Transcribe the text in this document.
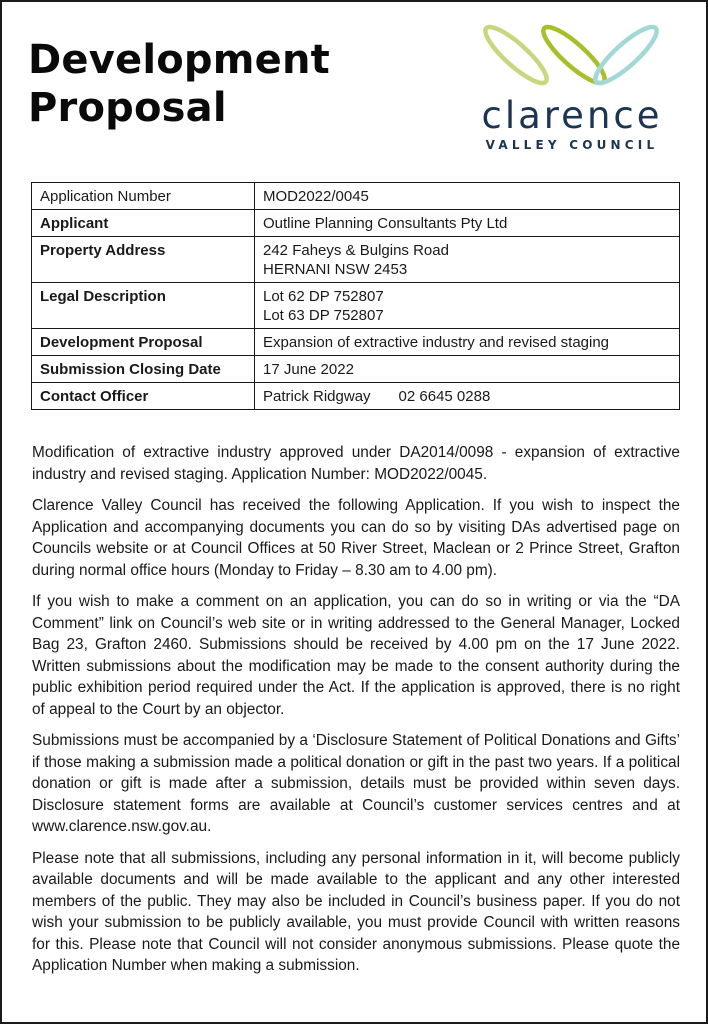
Development
Proposal	clarence
VALLEY COUNCIL
Application Number	MOD2022/0045
Applicant	Outline Planning Consultants Pty Ltd
Property Address	242 Faheys & Bulgins Road
HERNANI NSW 2453

Legal Description	Lot 62 DP 752807
Lot 63 DP 752807

Development Proposal	Expansion of extractive industry and revised staging
Submission Closing Date	17 June 2022
Contact Officer	Patrick Ridgway 02 6645 0288

Modification of extractive industry approved under DA2014/0098 - expansion of extractive industry and revised staging. Application Number: MOD2022/0045.

Clarence Valley Council has received the following Application. If you wish to inspect the Application and accompanying documents you can do so by visiting DAs advertised page on Councils website or at Council Offices at 50 River Street, Maclean or 2 Prince Street, Grafton during normal office hours (Monday to Friday – 8.30 am to 4.00 pm).

If you wish to make a comment on an application, you can do so in writing or via the “DA Comment” link on Council’s web site or in writing addressed to the General Manager, Locked Bag 23, Grafton 2460. Submissions should be received by 4.00 pm on the 17 June 2022. Written submissions about the modification may be made to the consent authority during the public exhibition period required under the Act. If the application is approved, there is no right of appeal to the Court by an objector.

Submissions must be accompanied by a ‘Disclosure Statement of Political Donations and Gifts’ if those making a submission made a political donation or gift in the past two years. If a political donation or gift is made after a submission, details must be provided within seven days. Disclosure statement forms are available at Council’s customer services centres and at www.clarence.nsw.gov.au.

Please note that all submissions, including any personal information in it, will become publicly available documents and will be made available to the applicant and any other interested members of the public. They may also be included in Council’s business paper. If you do not wish your submission to be publicly available, you must provide Council with written reasons for this. Please note that Council will not consider anonymous submissions. Please quote the Application Number when making a submission.
